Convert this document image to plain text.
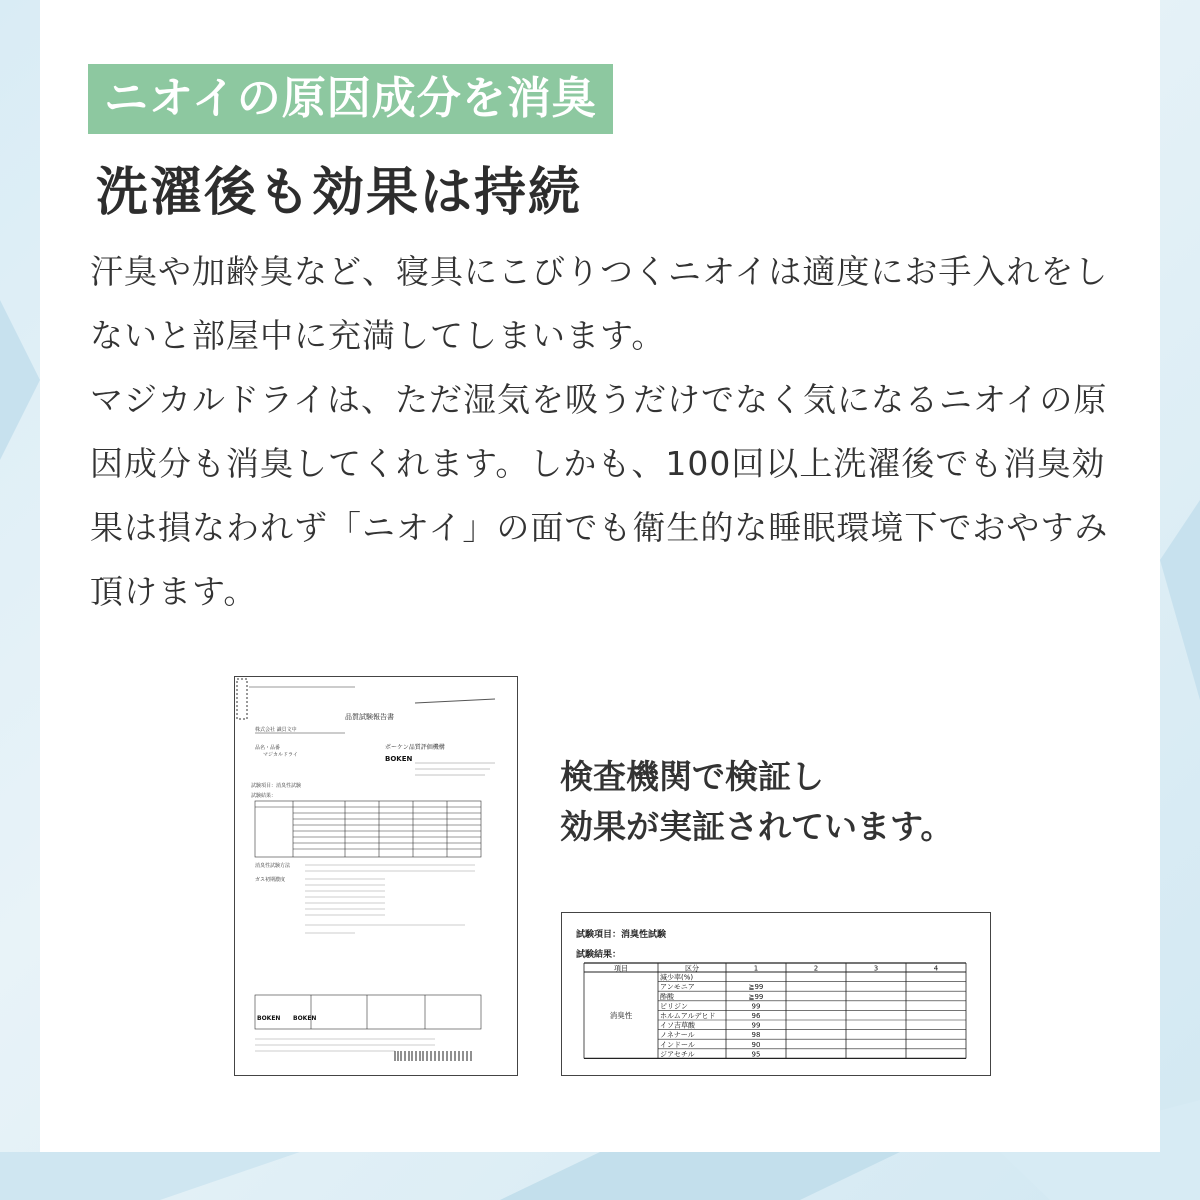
ニオイの原因成分を消臭
洗濯後も効果は持続

汗臭や加齢臭など、寝具にこびりつくニオイは適度にお手入れをしないと部屋中に充満してしまいます。

マジカルドライは、ただ湿気を吸うだけでなく気になるニオイの原因成分も消臭してくれます。しかも、100回以上洗濯後でも消臭効果は損なわれず「ニオイ」の面でも衛生的な睡眠環境下でおやすみ頂けます。

品質試験報告書
株式会社 識貝文中
品名・品番
マジカルドライ
ボーケン品質評価機構
BOKEN
試験項目：消臭性試験
試験結果：
消臭性試験方法
ガス初期濃度
BOKEN BOKEN
検査機関で検証し
効果が実証されています。
試験項目：消臭性試験
試験結果：
項目	区分	1	2	3	4
消臭性
減少率(%)
アンモニア	≧99
酢酸	≧99
ピリジン	99
ホルムアルデヒド	96
イソ吉草酸	99
ノネナール	98
インドール	90
ジアセチル	95
